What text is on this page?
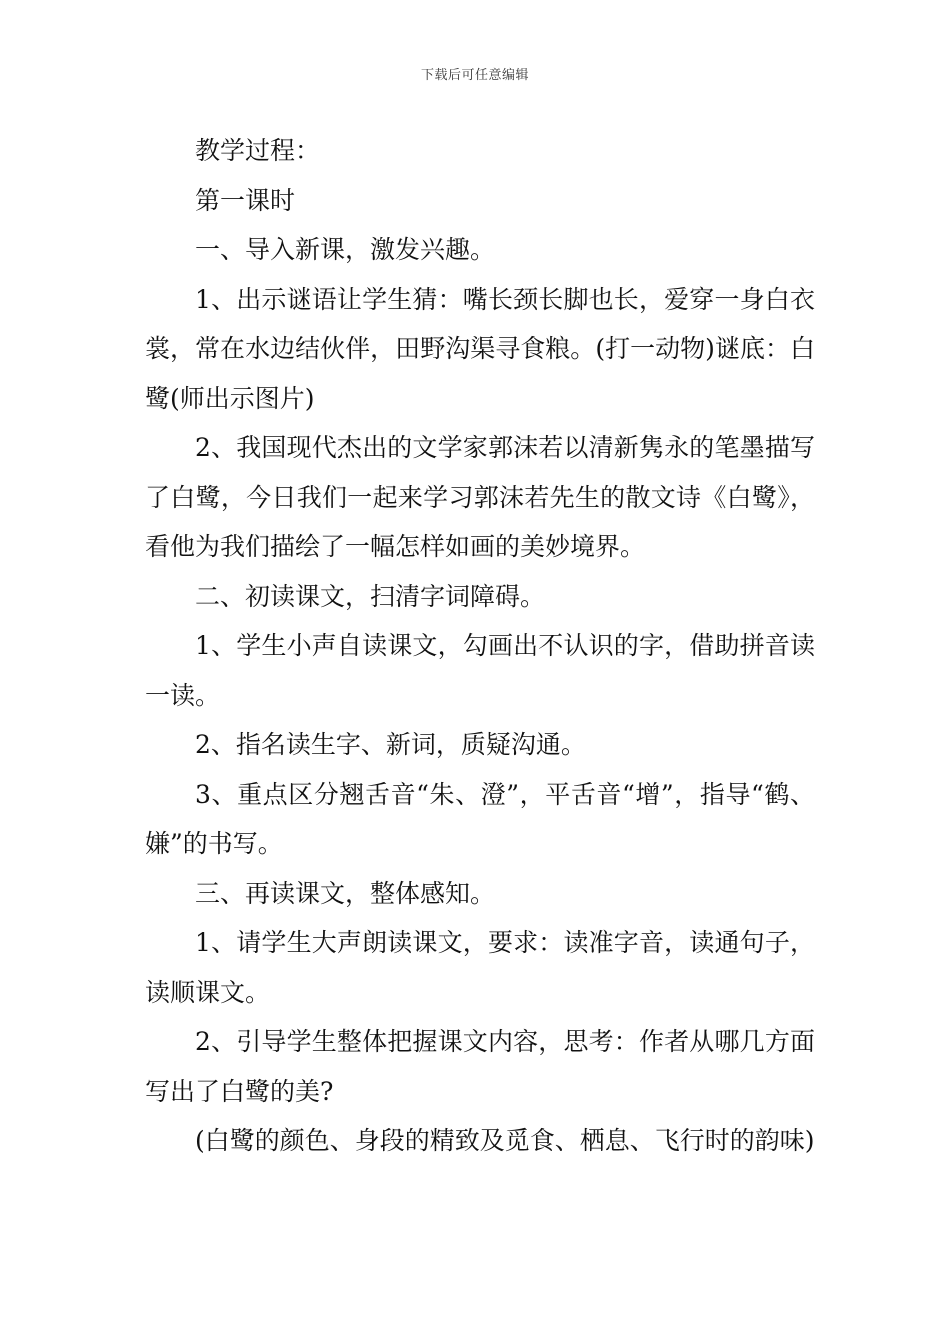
下载后可任意编辑

教学过程：

第一课时

一、导入新课，激发兴趣。

1、出示谜语让学生猜：嘴长颈长脚也长，爱穿一身白衣裳，常在水边结伙伴，田野沟渠寻食粮。(打一动物)谜底：白鹭(师出示图片)

2、我国现代杰出的文学家郭沫若以清新隽永的笔墨描写了白鹭，今日我们一起来学习郭沫若先生的散文诗《白鹭》，看他为我们描绘了一幅怎样如画的美妙境界。

二、初读课文，扫清字词障碍。

1、学生小声自读课文，勾画出不认识的字，借助拼音读一读。

2、指名读生字、新词，质疑沟通。

3、重点区分翘舌音“朱、澄”，平舌音“增”，指导“鹤、嫌”的书写。

三、再读课文，整体感知。

1、请学生大声朗读课文，要求：读准字音，读通句子，读顺课文。

2、引导学生整体把握课文内容，思考：作者从哪几方面写出了白鹭的美?

(白鹭的颜色、身段的精致及觅食、栖息、飞行时的韵味)
